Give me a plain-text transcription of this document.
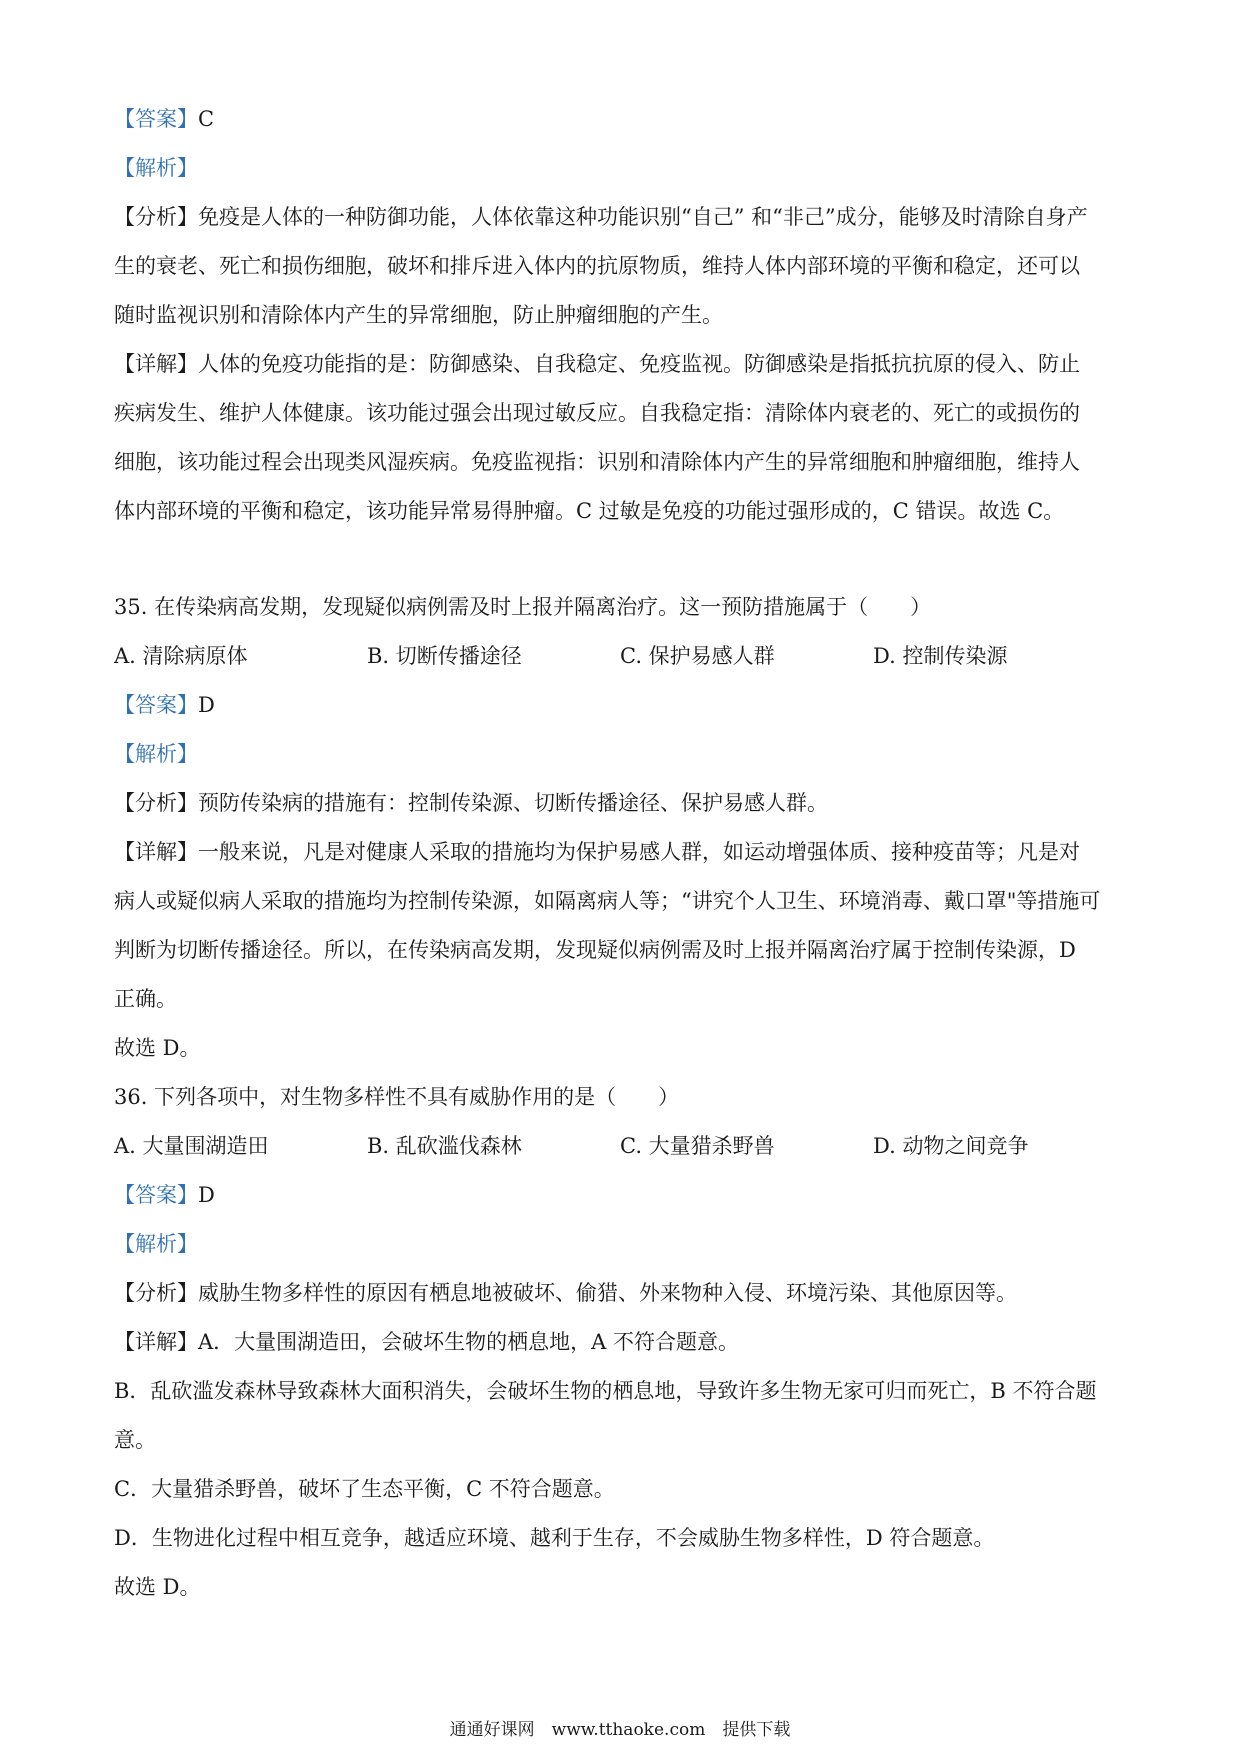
【答案】C
【解析】
【分析】免疫是人体的一种防御功能，人体依靠这种功能识别“自己” 和“非己”成分，能够及时清除自身产
生的衰老、死亡和损伤细胞，破坏和排斥进入体内的抗原物质，维持人体内部环境的平衡和稳定，还可以
随时监视识别和清除体内产生的异常细胞，防止肿瘤细胞的产生。
【详解】人体的免疫功能指的是：防御感染、自我稳定、免疫监视。防御感染是指抵抗抗原的侵入、防止
疾病发生、维护人体健康。该功能过强会出现过敏反应。自我稳定指：清除体内衰老的、死亡的或损伤的
细胞，该功能过程会出现类风湿疾病。免疫监视指：识别和清除体内产生的异常细胞和肿瘤细胞，维持人
体内部环境的平衡和稳定，该功能异常易得肿瘤。C 过敏是免疫的功能过强形成的，C 错误。故选 C。
35. 在传染病高发期，发现疑似病例需及时上报并隔离治疗。这一预防措施属于（　　）
A. 清除病原体	B. 切断传播途径	C. 保护易感人群	D. 控制传染源
【答案】D
【解析】
【分析】预防传染病的措施有：控制传染源、切断传播途径、保护易感人群。
【详解】一般来说，凡是对健康人采取的措施均为保护易感人群，如运动增强体质、接种疫苗等；凡是对
病人或疑似病人采取的措施均为控制传染源，如隔离病人等；“讲究个人卫生、环境消毒、戴口罩"等措施可
判断为切断传播途径。所以，在传染病高发期，发现疑似病例需及时上报并隔离治疗属于控制传染源，D
正确。
故选 D。
36. 下列各项中，对生物多样性不具有威胁作用的是（　　）
A. 大量围湖造田	B. 乱砍滥伐森林	C. 大量猎杀野兽	D. 动物之间竞争
【答案】D
【解析】
【分析】威胁生物多样性的原因有栖息地被破坏、偷猎、外来物种入侵、环境污染、其他原因等。
【详解】A．大量围湖造田，会破坏生物的栖息地，A 不符合题意。
B．乱砍滥发森林导致森林大面积消失，会破坏生物的栖息地，导致许多生物无家可归而死亡，B 不符合题
意。
C．大量猎杀野兽，破坏了生态平衡，C 不符合题意。
D．生物进化过程中相互竞争，越适应环境、越利于生存，不会威胁生物多样性，D 符合题意。
故选 D。
通通好课网　www.tthaoke.com　提供下载
